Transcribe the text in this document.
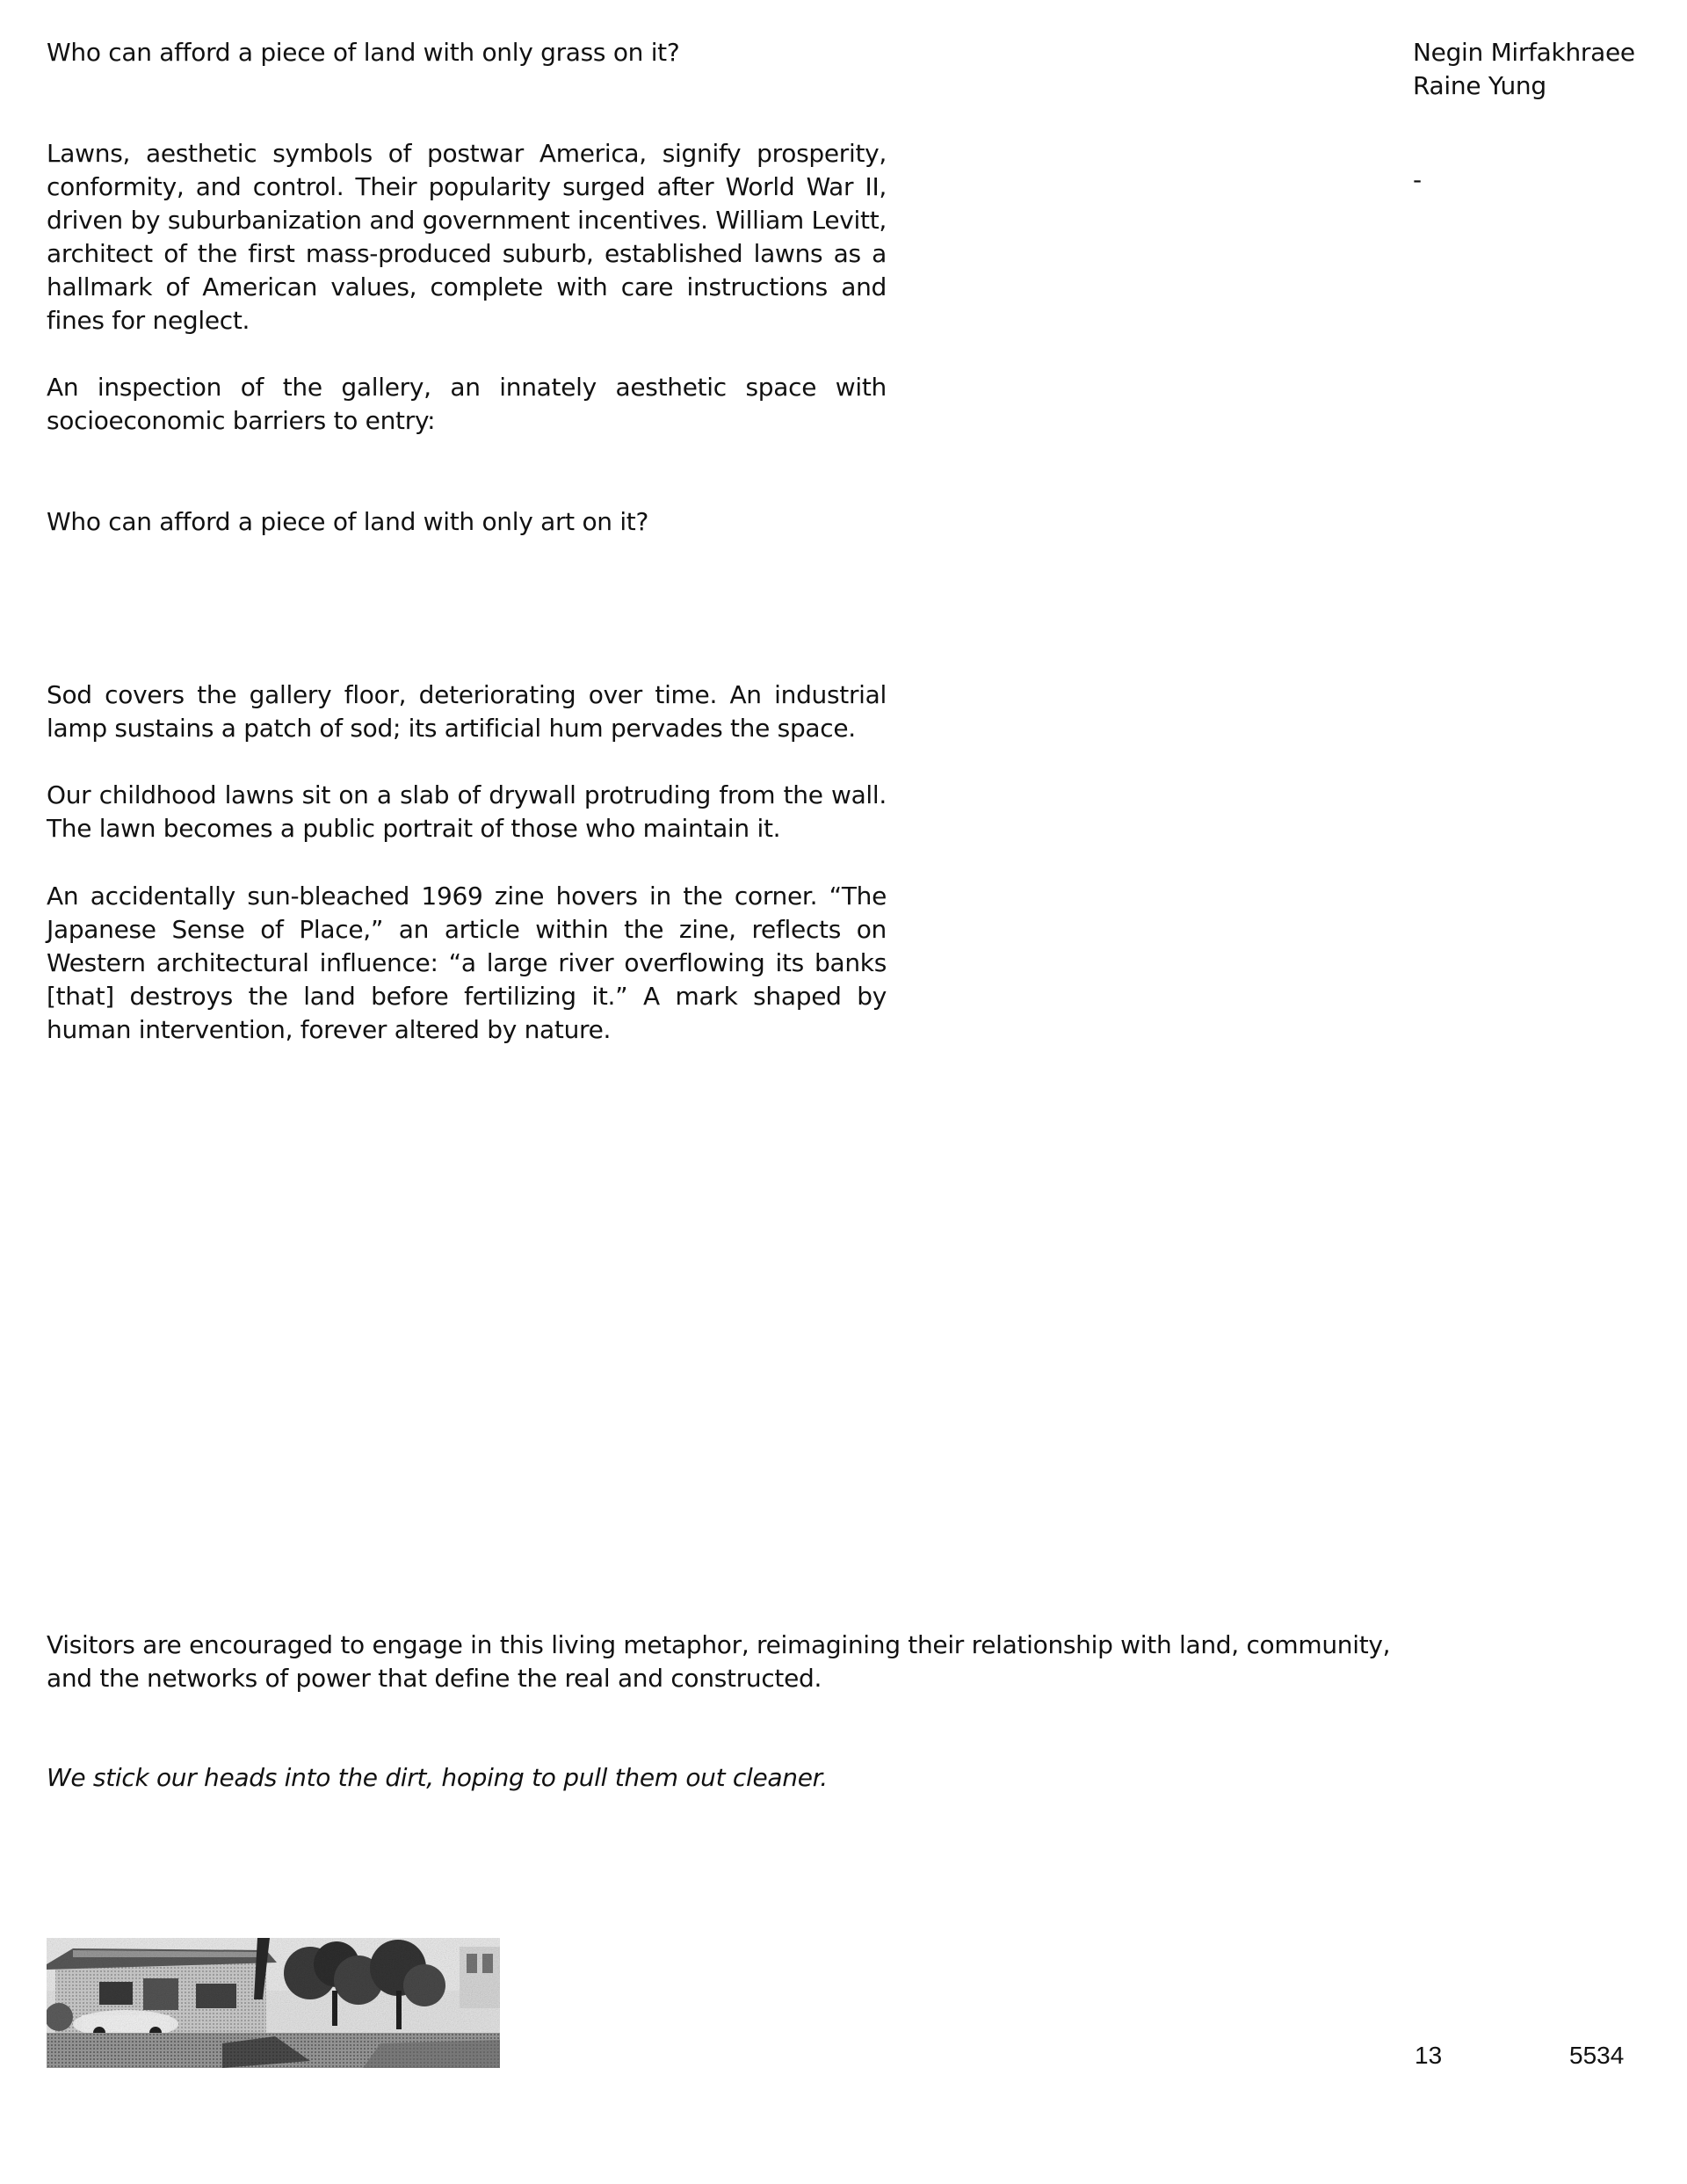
Who can afford a piece of land with only grass on it?	Negin Mirfakhraee

Raine Yung

-

Lawns, aesthetic symbols of postwar America, signify prosperity, conformity, and control. Their popularity surged after World War II, driven by suburbanization and government incentives. William Levitt, architect of the first mass-produced suburb, established lawns as a hallmark of American values, complete with care instructions and fines for neglect.

An inspection of the gallery, an innately aesthetic space with socioeconomic barriers to entry:

Who can afford a piece of land with only art on it?

Sod covers the gallery floor, deteriorating over time. An industrial lamp sustains a patch of sod; its artificial hum pervades the space.

Our childhood lawns sit on a slab of drywall protruding from the wall. The lawn becomes a public portrait of those who maintain it.

An accidentally sun-bleached 1969 zine hovers in the corner. “The Japanese Sense of Place,” an article within the zine, reflects on Western architectural influence: “a large river overflowing its banks [that] destroys the land before fertilizing it.” A mark shaped by human intervention, forever altered by nature.

Visitors are encouraged to engage in this living metaphor, reimagining their relationship with land, community, and the networks of power that define the real and constructed.

We stick our heads into the dirt, hoping to pull them out cleaner.

13	5534
